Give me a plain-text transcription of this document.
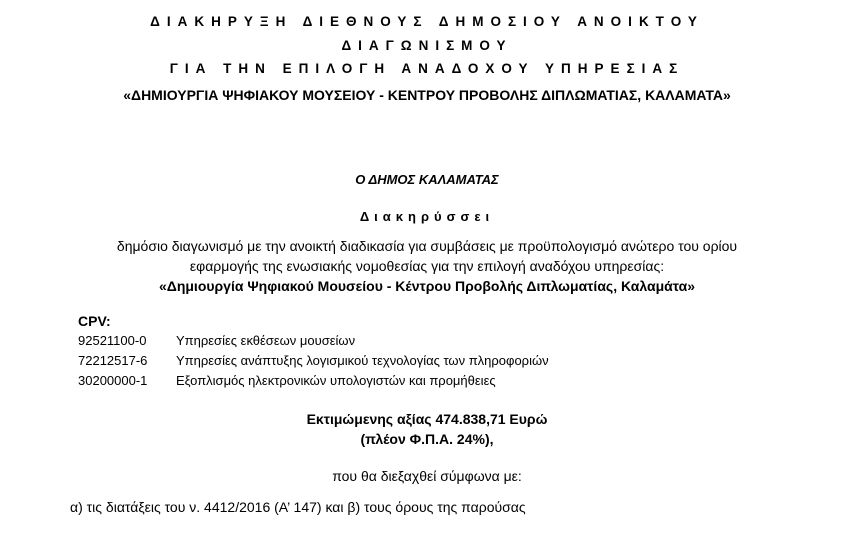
ΔΙΑΚΗΡΥΞΗ ΔΙΕΘΝΟΥΣ ΔΗΜΟΣΙΟΥ ΑΝΟΙΚΤΟΥ
ΔΙΑΓΩΝΙΣΜΟΥ
ΓΙΑ ΤΗΝ ΕΠΙΛΟΓΗ ΑΝΑΔΟΧΟΥ ΥΠΗΡΕΣΙΑΣ
«ΔΗΜΙΟΥΡΓΙΑ ΨΗΦΙΑΚΟΥ ΜΟΥΣΕΙΟΥ - ΚΕΝΤΡΟΥ ΠΡΟΒΟΛΗΣ ΔΙΠΛΩΜΑΤΙΑΣ, ΚΑΛΑΜΑΤΑ»
Ο ΔΗΜΟΣ ΚΑΛΑΜΑΤΑΣ
Διακηρύσσει
δημόσιο διαγωνισμό με την ανοικτή διαδικασία για συμβάσεις με προϋπολογισμό ανώτερο του ορίου
εφαρμογής της ενωσιακής νομοθεσίας για την επιλογή αναδόχου υπηρεσίας:
«Δημιουργία Ψηφιακού Μουσείου - Κέντρου Προβολής Διπλωματίας, Καλαμάτα»
CPV:
92521100-0 Υπηρεσίες εκθέσεων μουσείων
72212517-6 Υπηρεσίες ανάπτυξης λογισμικού τεχνολογίας των πληροφοριών
30200000-1 Εξοπλισμός ηλεκτρονικών υπολογιστών και προμήθειες
Εκτιμώμενης αξίας 474.838,71 Ευρώ
(πλέον Φ.Π.Α. 24%),
που θα διεξαχθεί σύμφωνα με:
α) τις διατάξεις του ν. 4412/2016 (Α’ 147) και β) τους όρους της παρούσας
